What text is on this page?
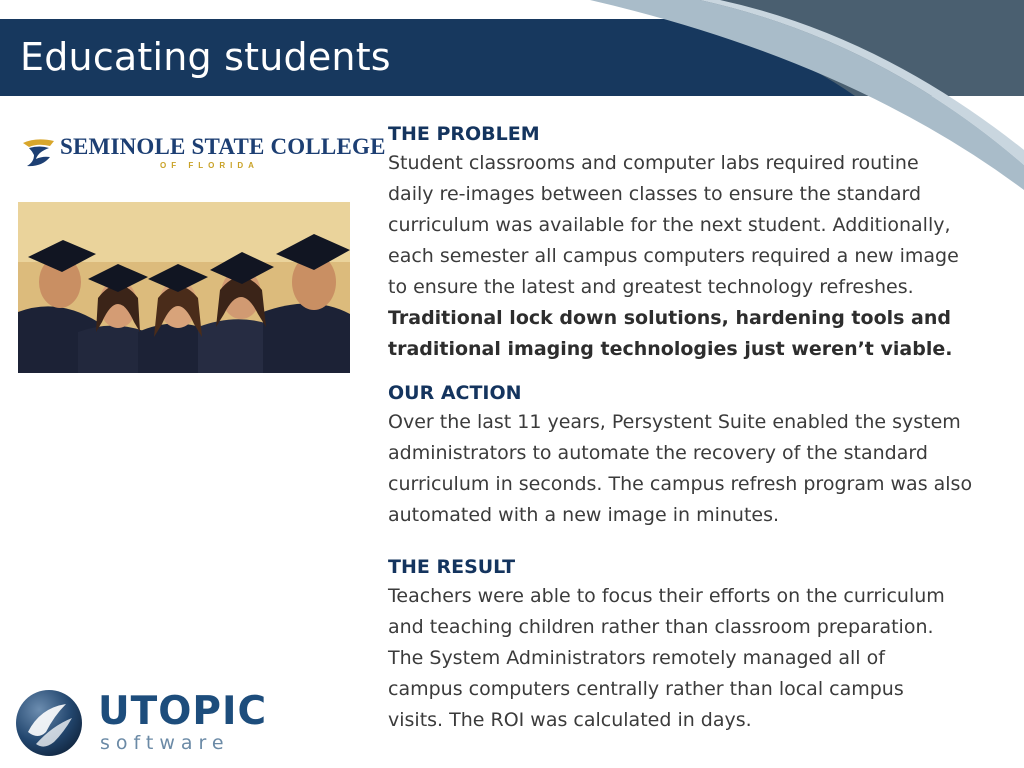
Educating students
SEMINOLE STATE COLLEGE
OF FLORIDA
THE PROBLEM
Student classrooms and computer labs required routine
daily re-images between classes to ensure the standard
curriculum was available for the next student. Additionally,
each semester all campus computers required a new image
to ensure the latest and greatest technology refreshes.
Traditional lock down solutions, hardening tools and
traditional imaging technologies just weren’t viable.
OUR ACTION
Over the last 11 years, Persystent Suite enabled the system
administrators to automate the recovery of the standard
curriculum in seconds. The campus refresh program was also
automated with a new image in minutes.
THE RESULT
Teachers were able to focus their efforts on the curriculum
and teaching children rather than classroom preparation.
The System Administrators remotely managed all of
campus computers centrally rather than local campus
visits. The ROI was calculated in days.
UTOPIC
software
